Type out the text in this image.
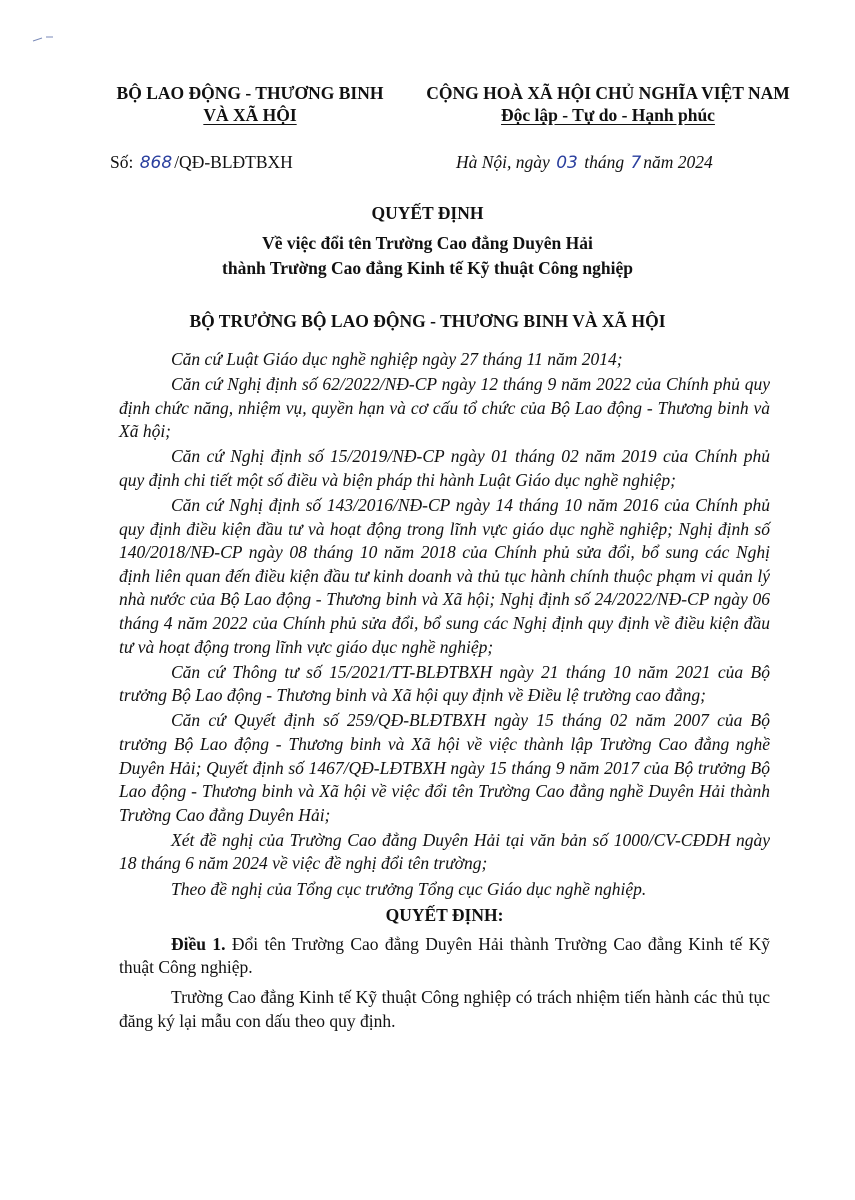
BỘ LAO ĐỘNG - THƯƠNG BINH
VÀ XÃ HỘI
CỘNG HOÀ XÃ HỘI CHỦ NGHĨA VIỆT NAM
Độc lập - Tự do - Hạnh phúc
Số: 868 /QĐ-BLĐTBXH	Hà Nội, ngày 03 tháng 7 năm 2024
QUYẾT ĐỊNH
Về việc đổi tên Trường Cao đẳng Duyên Hải
thành Trường Cao đẳng Kinh tế Kỹ thuật Công nghiệp
BỘ TRƯỞNG BỘ LAO ĐỘNG - THƯƠNG BINH VÀ XÃ HỘI

Căn cứ Luật Giáo dục nghề nghiệp ngày 27 tháng 11 năm 2014;

Căn cứ Nghị định số 62/2022/NĐ-CP ngày 12 tháng 9 năm 2022 của Chính phủ quy định chức năng, nhiệm vụ, quyền hạn và cơ cấu tổ chức của Bộ Lao động - Thương binh và Xã hội;

Căn cứ Nghị định số 15/2019/NĐ-CP ngày 01 tháng 02 năm 2019 của Chính phủ quy định chi tiết một số điều và biện pháp thi hành Luật Giáo dục nghề nghiệp;

Căn cứ Nghị định số 143/2016/NĐ-CP ngày 14 tháng 10 năm 2016 của Chính phủ quy định điều kiện đầu tư và hoạt động trong lĩnh vực giáo dục nghề nghiệp; Nghị định số 140/2018/NĐ-CP ngày 08 tháng 10 năm 2018 của Chính phủ sửa đổi, bổ sung các Nghị định liên quan đến điều kiện đầu tư kinh doanh và thủ tục hành chính thuộc phạm vi quản lý nhà nước của Bộ Lao động - Thương binh và Xã hội; Nghị định số 24/2022/NĐ-CP ngày 06 tháng 4 năm 2022 của Chính phủ sửa đổi, bổ sung các Nghị định quy định về điều kiện đầu tư và hoạt động trong lĩnh vực giáo dục nghề nghiệp;

Căn cứ Thông tư số 15/2021/TT-BLĐTBXH ngày 21 tháng 10 năm 2021 của Bộ trưởng Bộ Lao động - Thương binh và Xã hội quy định về Điều lệ trường cao đẳng;

Căn cứ Quyết định số 259/QĐ-BLĐTBXH ngày 15 tháng 02 năm 2007 của Bộ trưởng Bộ Lao động - Thương binh và Xã hội về việc thành lập Trường Cao đẳng nghề Duyên Hải; Quyết định số 1467/QĐ-LĐTBXH ngày 15 tháng 9 năm 2017 của Bộ trưởng Bộ Lao động - Thương binh và Xã hội về việc đổi tên Trường Cao đẳng nghề Duyên Hải thành Trường Cao đẳng Duyên Hải;

Xét đề nghị của Trường Cao đẳng Duyên Hải tại văn bản số 1000/CV-CĐDH ngày 18 tháng 6 năm 2024 về việc đề nghị đổi tên trường;

Theo đề nghị của Tổng cục trưởng Tổng cục Giáo dục nghề nghiệp.

QUYẾT ĐỊNH:

Điều 1. Đổi tên Trường Cao đẳng Duyên Hải thành Trường Cao đẳng Kinh tế Kỹ thuật Công nghiệp.

Trường Cao đẳng Kinh tế Kỹ thuật Công nghiệp có trách nhiệm tiến hành các thủ tục đăng ký lại mẫu con dấu theo quy định.
